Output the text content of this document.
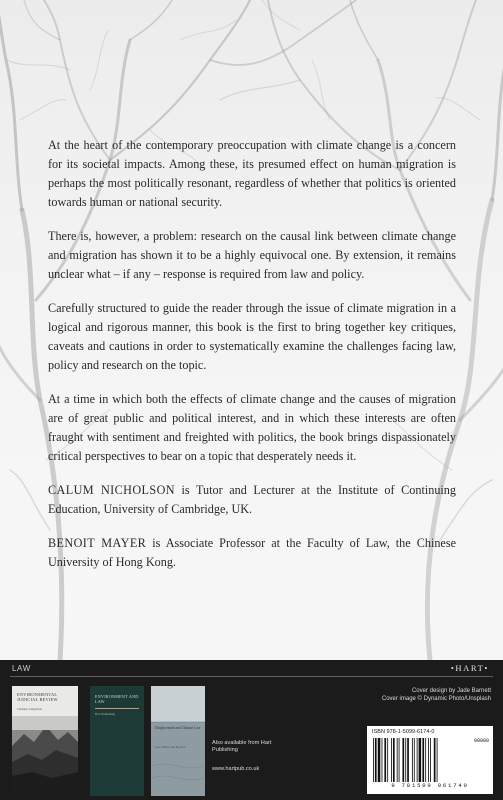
At the heart of the contemporary preoccupation with climate change is a concern for its societal impacts. Among these, its presumed effect on human migration is perhaps the most politically resonant, regardless of whether that politics is oriented towards human or national security.

There is, however, a problem: research on the causal link between climate change and migration has shown it to be a highly equivocal one. By extension, it remains unclear what – if any – response is required from law and policy.

Carefully structured to guide the reader through the issue of climate migration in a logical and rigorous manner, this book is the first to bring together key critiques, caveats and cautions in order to systematically examine the challenges facing law, policy and research on the topic.

At a time in which both the effects of climate change and the causes of migration are of great public and political interest, and in which these interests are often fraught with sentiment and freighted with politics, the book brings dispassionately critical perspectives to bear on a topic that desperately needs it.

CALUM NICHOLSON is Tutor and Lecturer at the Institute of Continuing Education, University of Cambridge, UK.

BENOIT MAYER is Associate Professor at the Faculty of Law, the Chinese University of Hong Kong.

LAW	•HART•
ENVIRONMENTAL JUDICIAL REVIEW
Climate Litigation
ENVIRONMENT AND LAW
Hart Publishing
Displacement and Climate Law
Law, Policy and Practice
Also available from Hart Publishing
www.hartpub.co.uk
Cover design by Jade Barnett
Cover image © Dynamic Photo/Unsplash
ISBN 978-1-5099-6174-0
90000
9 781509 961740
